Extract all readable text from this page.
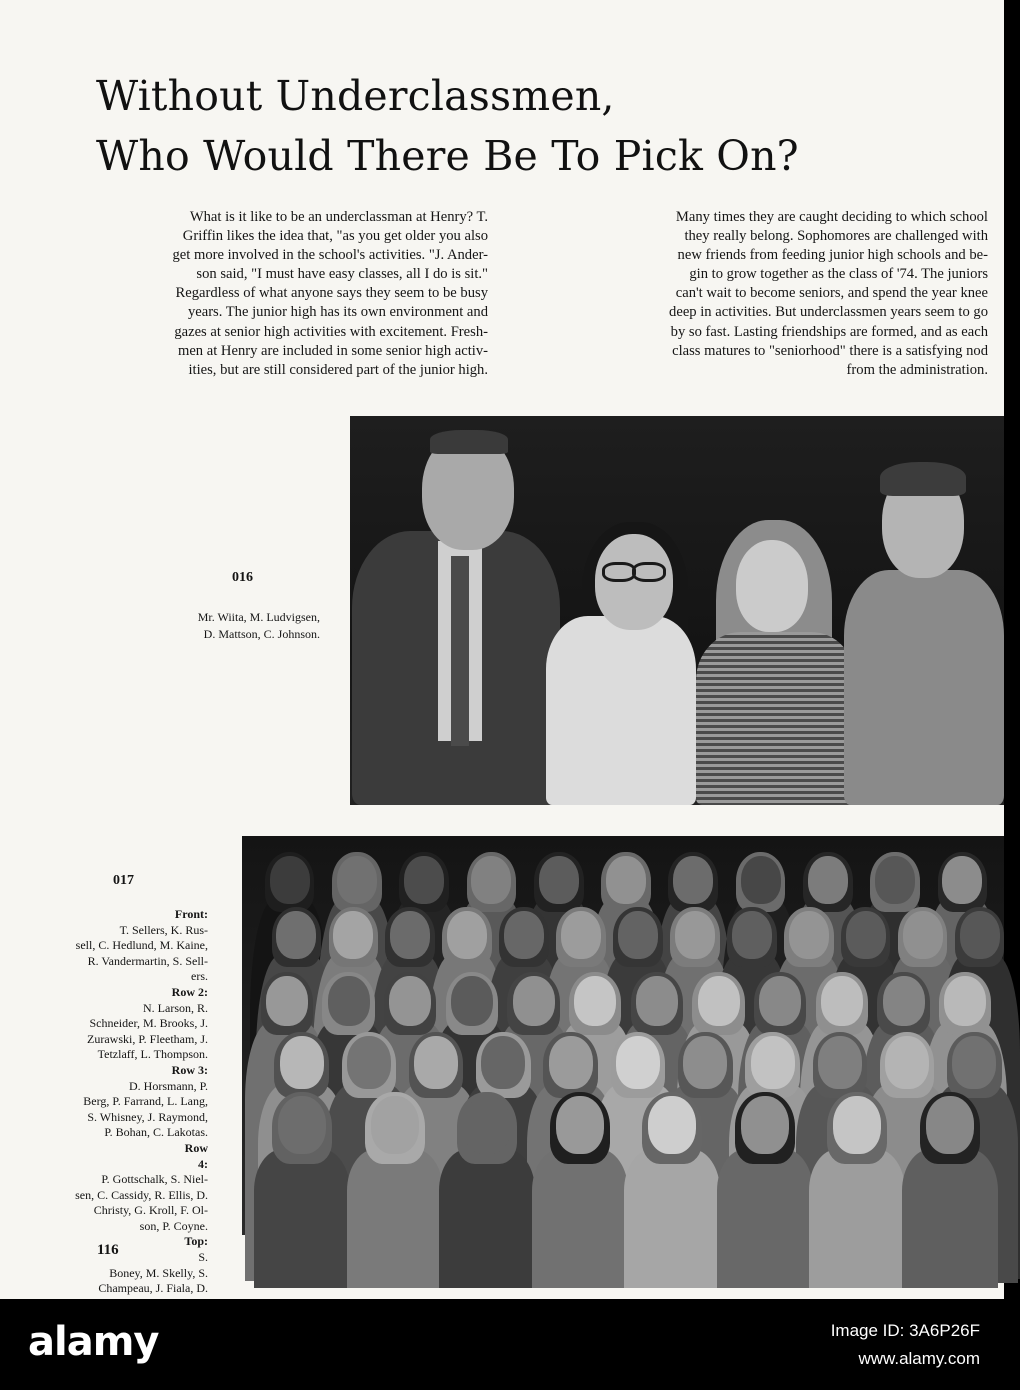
Without Underclassmen,
Who Would There Be To Pick On?
What is it like to be an underclassman at Henry? T.
Griffin likes the idea that, "as you get older you also
get more involved in the school's activities. "J. Ander-
son said, "I must have easy classes, all I do is sit."
Regardless of what anyone says they seem to be busy
years. The junior high has its own environment and
gazes at senior high activities with excitement. Fresh-
men at Henry are included in some senior high activ-
ities, but are still considered part of the junior high.
Many times they are caught deciding to which school
they really belong. Sophomores are challenged with
new friends from feeding junior high schools and be-
gin to grow together as the class of '74. The juniors
can't wait to become seniors, and spend the year knee
deep in activities. But underclassmen years seem to go
by so fast. Lasting friendships are formed, and as each
class matures to "seniorhood" there is a satisfying nod
from the administration.
016
Mr. Wiita, M. Ludvigsen,
D. Mattson, C. Johnson.
017
Front:
T. Sellers, K. Rus-
sell, C. Hedlund, M. Kaine,
R. Vandermartin, S. Sell-
ers.
Row 2:
N. Larson, R.
Schneider, M. Brooks, J.
Zurawski, P. Fleetham, J.
Tetzlaff, L. Thompson.
Row 3:
D. Horsmann, P.
Berg, P. Farrand, L. Lang,
S. Whisney, J. Raymond,
P. Bohan, C. Lakotas.
Row
4:
P. Gottschalk, S. Niel-
sen, C. Cassidy, R. Ellis, D.
Christy, G. Kroll, F. Ol-
son, P. Coyne.
Top:
S.
Boney, M. Skelly, S.
Champeau, J. Fiala, D.
116
alamy	Image ID: 3A6P26F
www.alamy.com
